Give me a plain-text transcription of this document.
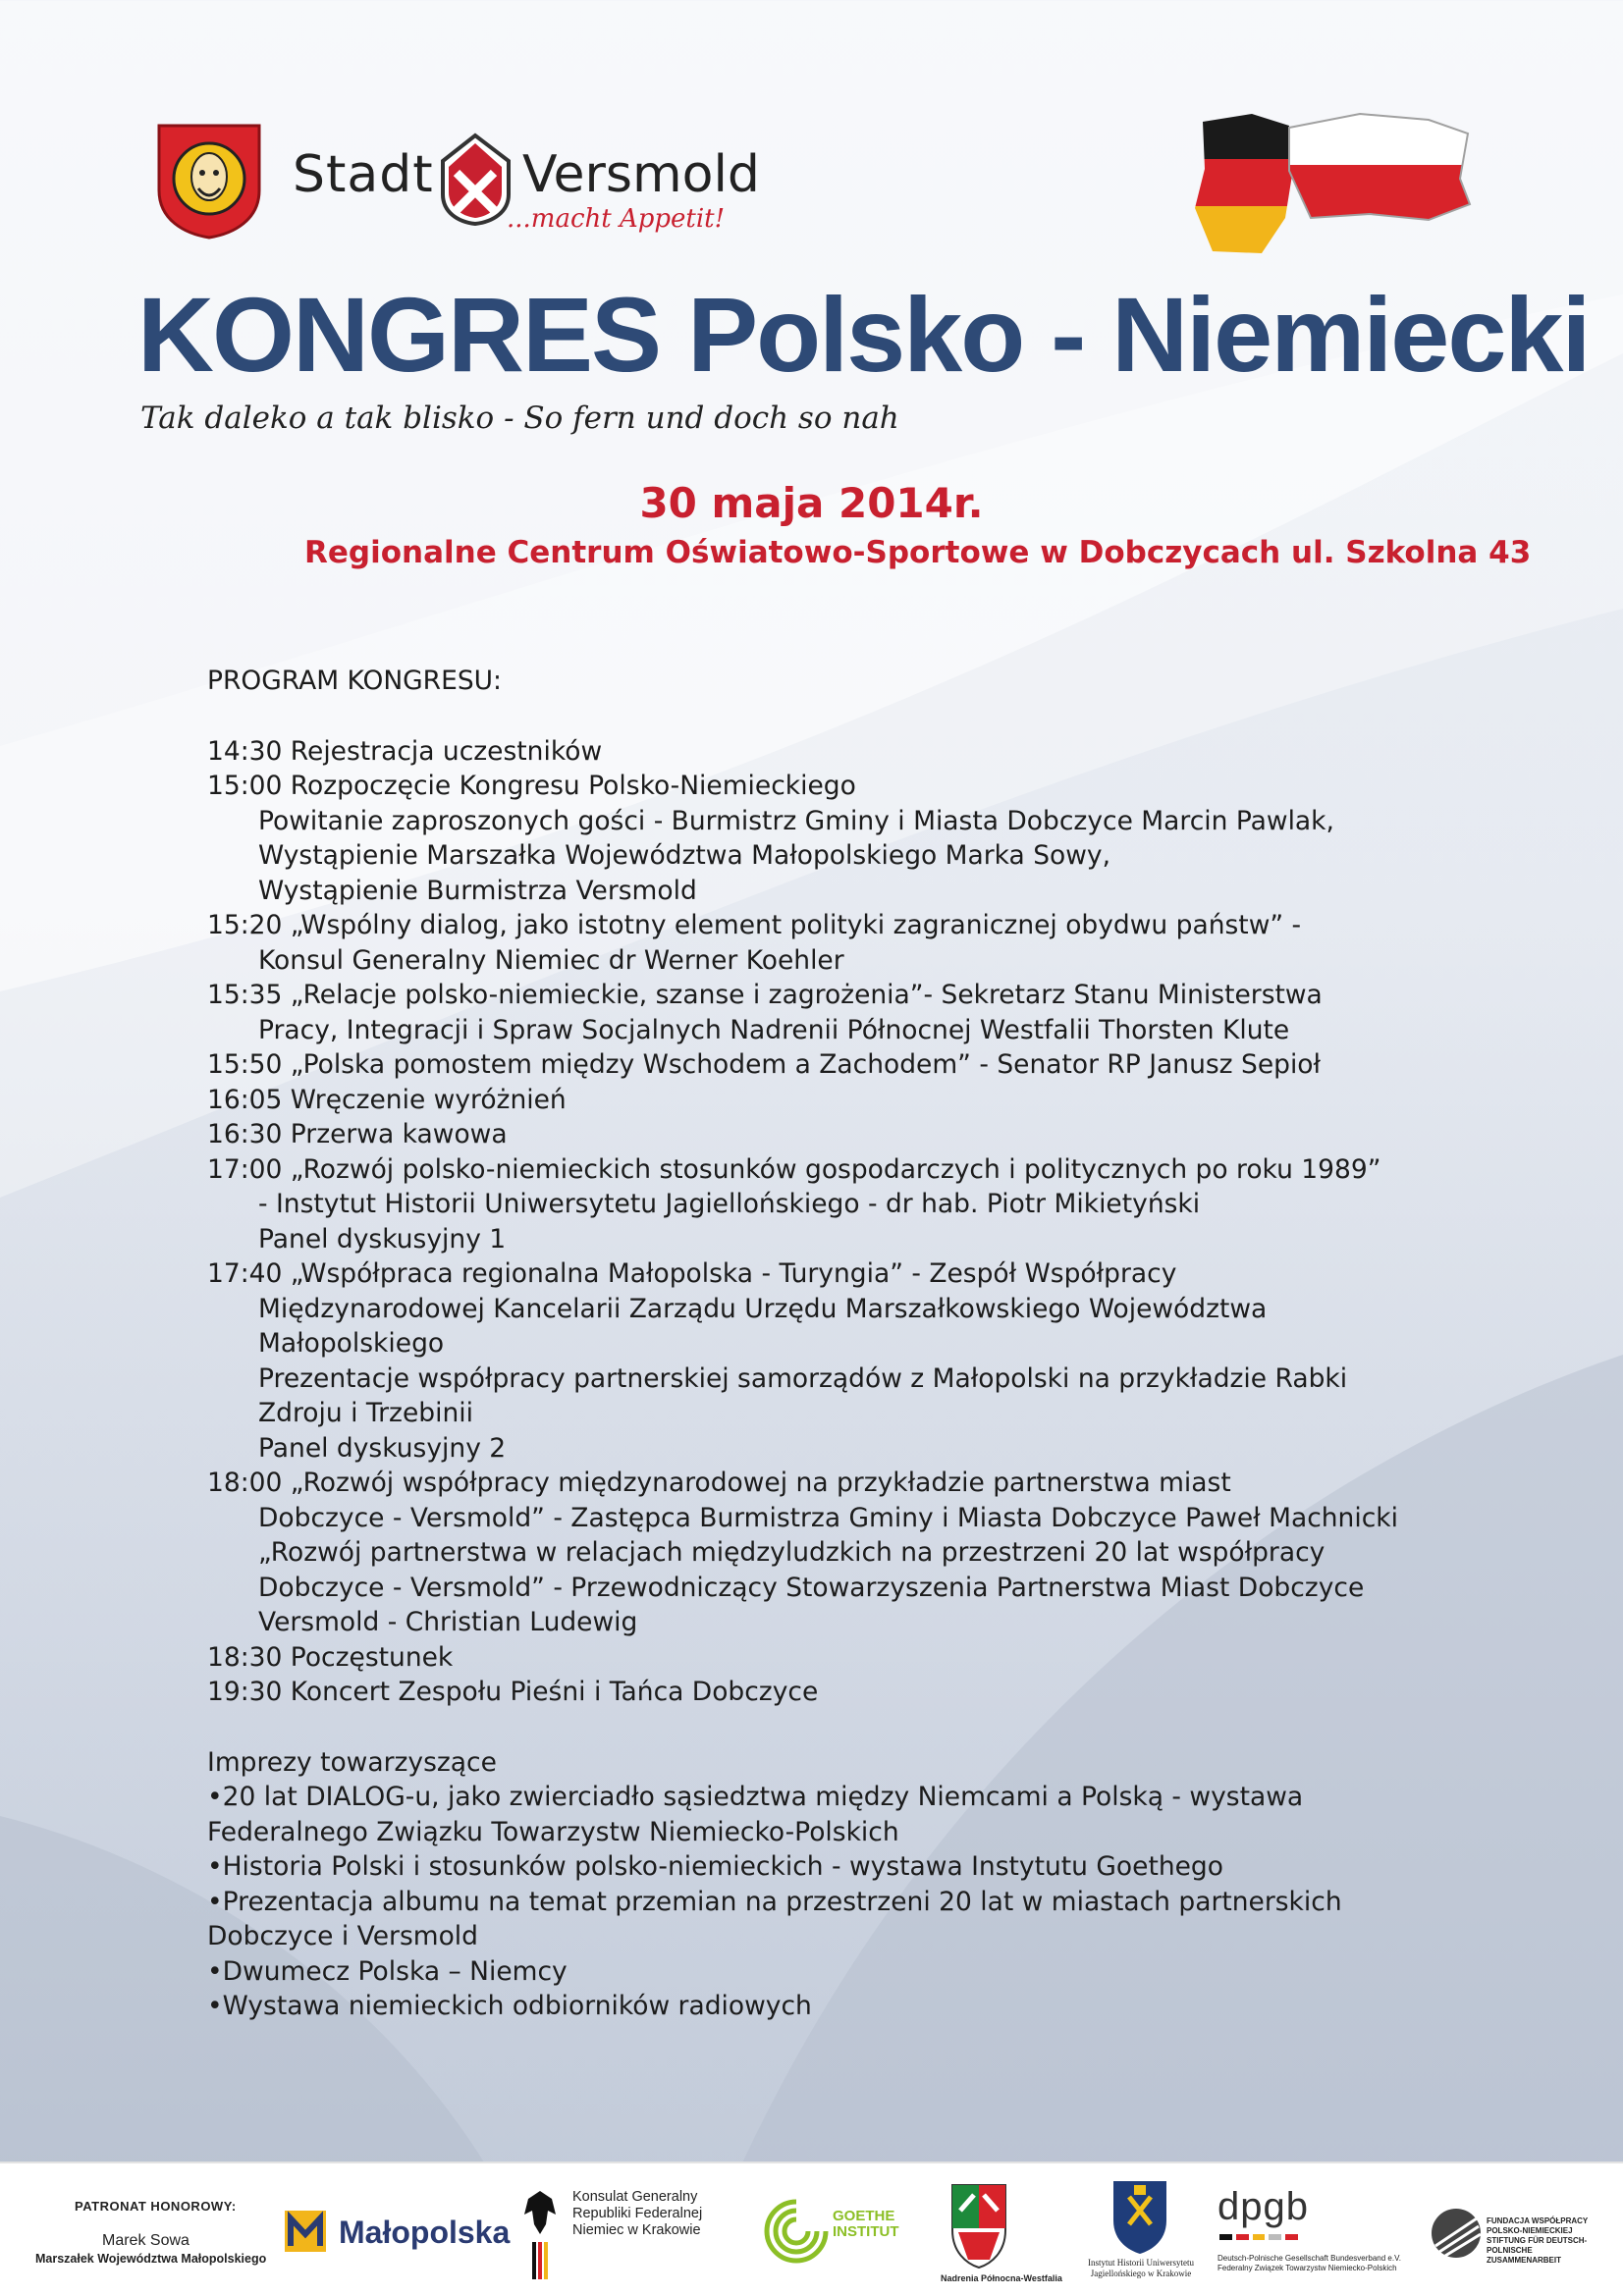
Stadt Versmold
...macht Appetit!
KONGRES Polsko - Niemiecki
Tak daleko a tak blisko - So fern und doch so nah
30 maja 2014r.
Regionalne Centrum Oświatowo-Sportowe w Dobczycach ul. Szkolna 43
PROGRAM KONGRESU:
14:30 Rejestracja uczestników
15:00 Rozpoczęcie Kongresu Polsko-Niemieckiego
Powitanie zaproszonych gości - Burmistrz Gminy i Miasta Dobczyce Marcin Pawlak,
Wystąpienie Marszałka Województwa Małopolskiego Marka Sowy,
Wystąpienie Burmistrza Versmold
15:20 „Wspólny dialog, jako istotny element polityki zagranicznej obydwu państw” -
Konsul Generalny Niemiec dr Werner Koehler
15:35 „Relacje polsko-niemieckie, szanse i zagrożenia”- Sekretarz Stanu Ministerstwa
Pracy, Integracji i Spraw Socjalnych Nadrenii Północnej Westfalii Thorsten Klute
15:50 „Polska pomostem między Wschodem a Zachodem” - Senator RP Janusz Sepioł
16:05 Wręczenie wyróżnień
16:30 Przerwa kawowa
17:00 „Rozwój polsko-niemieckich stosunków gospodarczych i politycznych po roku 1989”
- Instytut Historii Uniwersytetu Jagiellońskiego - dr hab. Piotr Mikietyński
Panel dyskusyjny 1
17:40 „Współpraca regionalna Małopolska - Turyngia” - Zespół Współpracy
Międzynarodowej Kancelarii Zarządu Urzędu Marszałkowskiego Województwa
Małopolskiego
Prezentacje współpracy partnerskiej samorządów z Małopolski na przykładzie Rabki
Zdroju i Trzebinii
Panel dyskusyjny 2
18:00 „Rozwój współpracy międzynarodowej na przykładzie partnerstwa miast
Dobczyce - Versmold” - Zastępca Burmistrza Gminy i Miasta Dobczyce Paweł Machnicki
„Rozwój partnerstwa w relacjach międzyludzkich na przestrzeni 20 lat współpracy
Dobczyce - Versmold” - Przewodniczący Stowarzyszenia Partnerstwa Miast Dobczyce
Versmold - Christian Ludewig
18:30 Poczęstunek
19:30 Koncert Zespołu Pieśni i Tańca Dobczyce
Imprezy towarzyszące
•20 lat DIALOG-u, jako zwierciadło sąsiedztwa między Niemcami a Polską - wystawa
Federalnego Związku Towarzystw Niemiecko-Polskich
•Historia Polski i stosunków polsko-niemieckich - wystawa Instytutu Goethego
•Prezentacja albumu na temat przemian na przestrzeni 20 lat w miastach partnerskich
Dobczyce i Versmold
•Dwumecz Polska – Niemcy
•Wystawa niemieckich odbiorników radiowych
PATRONAT HONOROWY:
Marek Sowa
Marszałek Województwa Małopolskiego
Małopolska
Konsulat Generalny Republiki Federalnej Niemiec w Krakowie
GOETHE
INSTITUT
Nadrenia Północna-Westfalia
Instytut Historii Uniwersytetu Jagiellońskiego w Krakowie
dpgb
Deutsch-Polnische Gesellschaft Bundesverband e.V. Federalny Związek Towarzystw Niemiecko-Polskich
FUNDACJA WSPÓŁPRACY POLSKO-NIEMIECKIEJ STIFTUNG FÜR DEUTSCH-POLNISCHE ZUSAMMENARBEIT
